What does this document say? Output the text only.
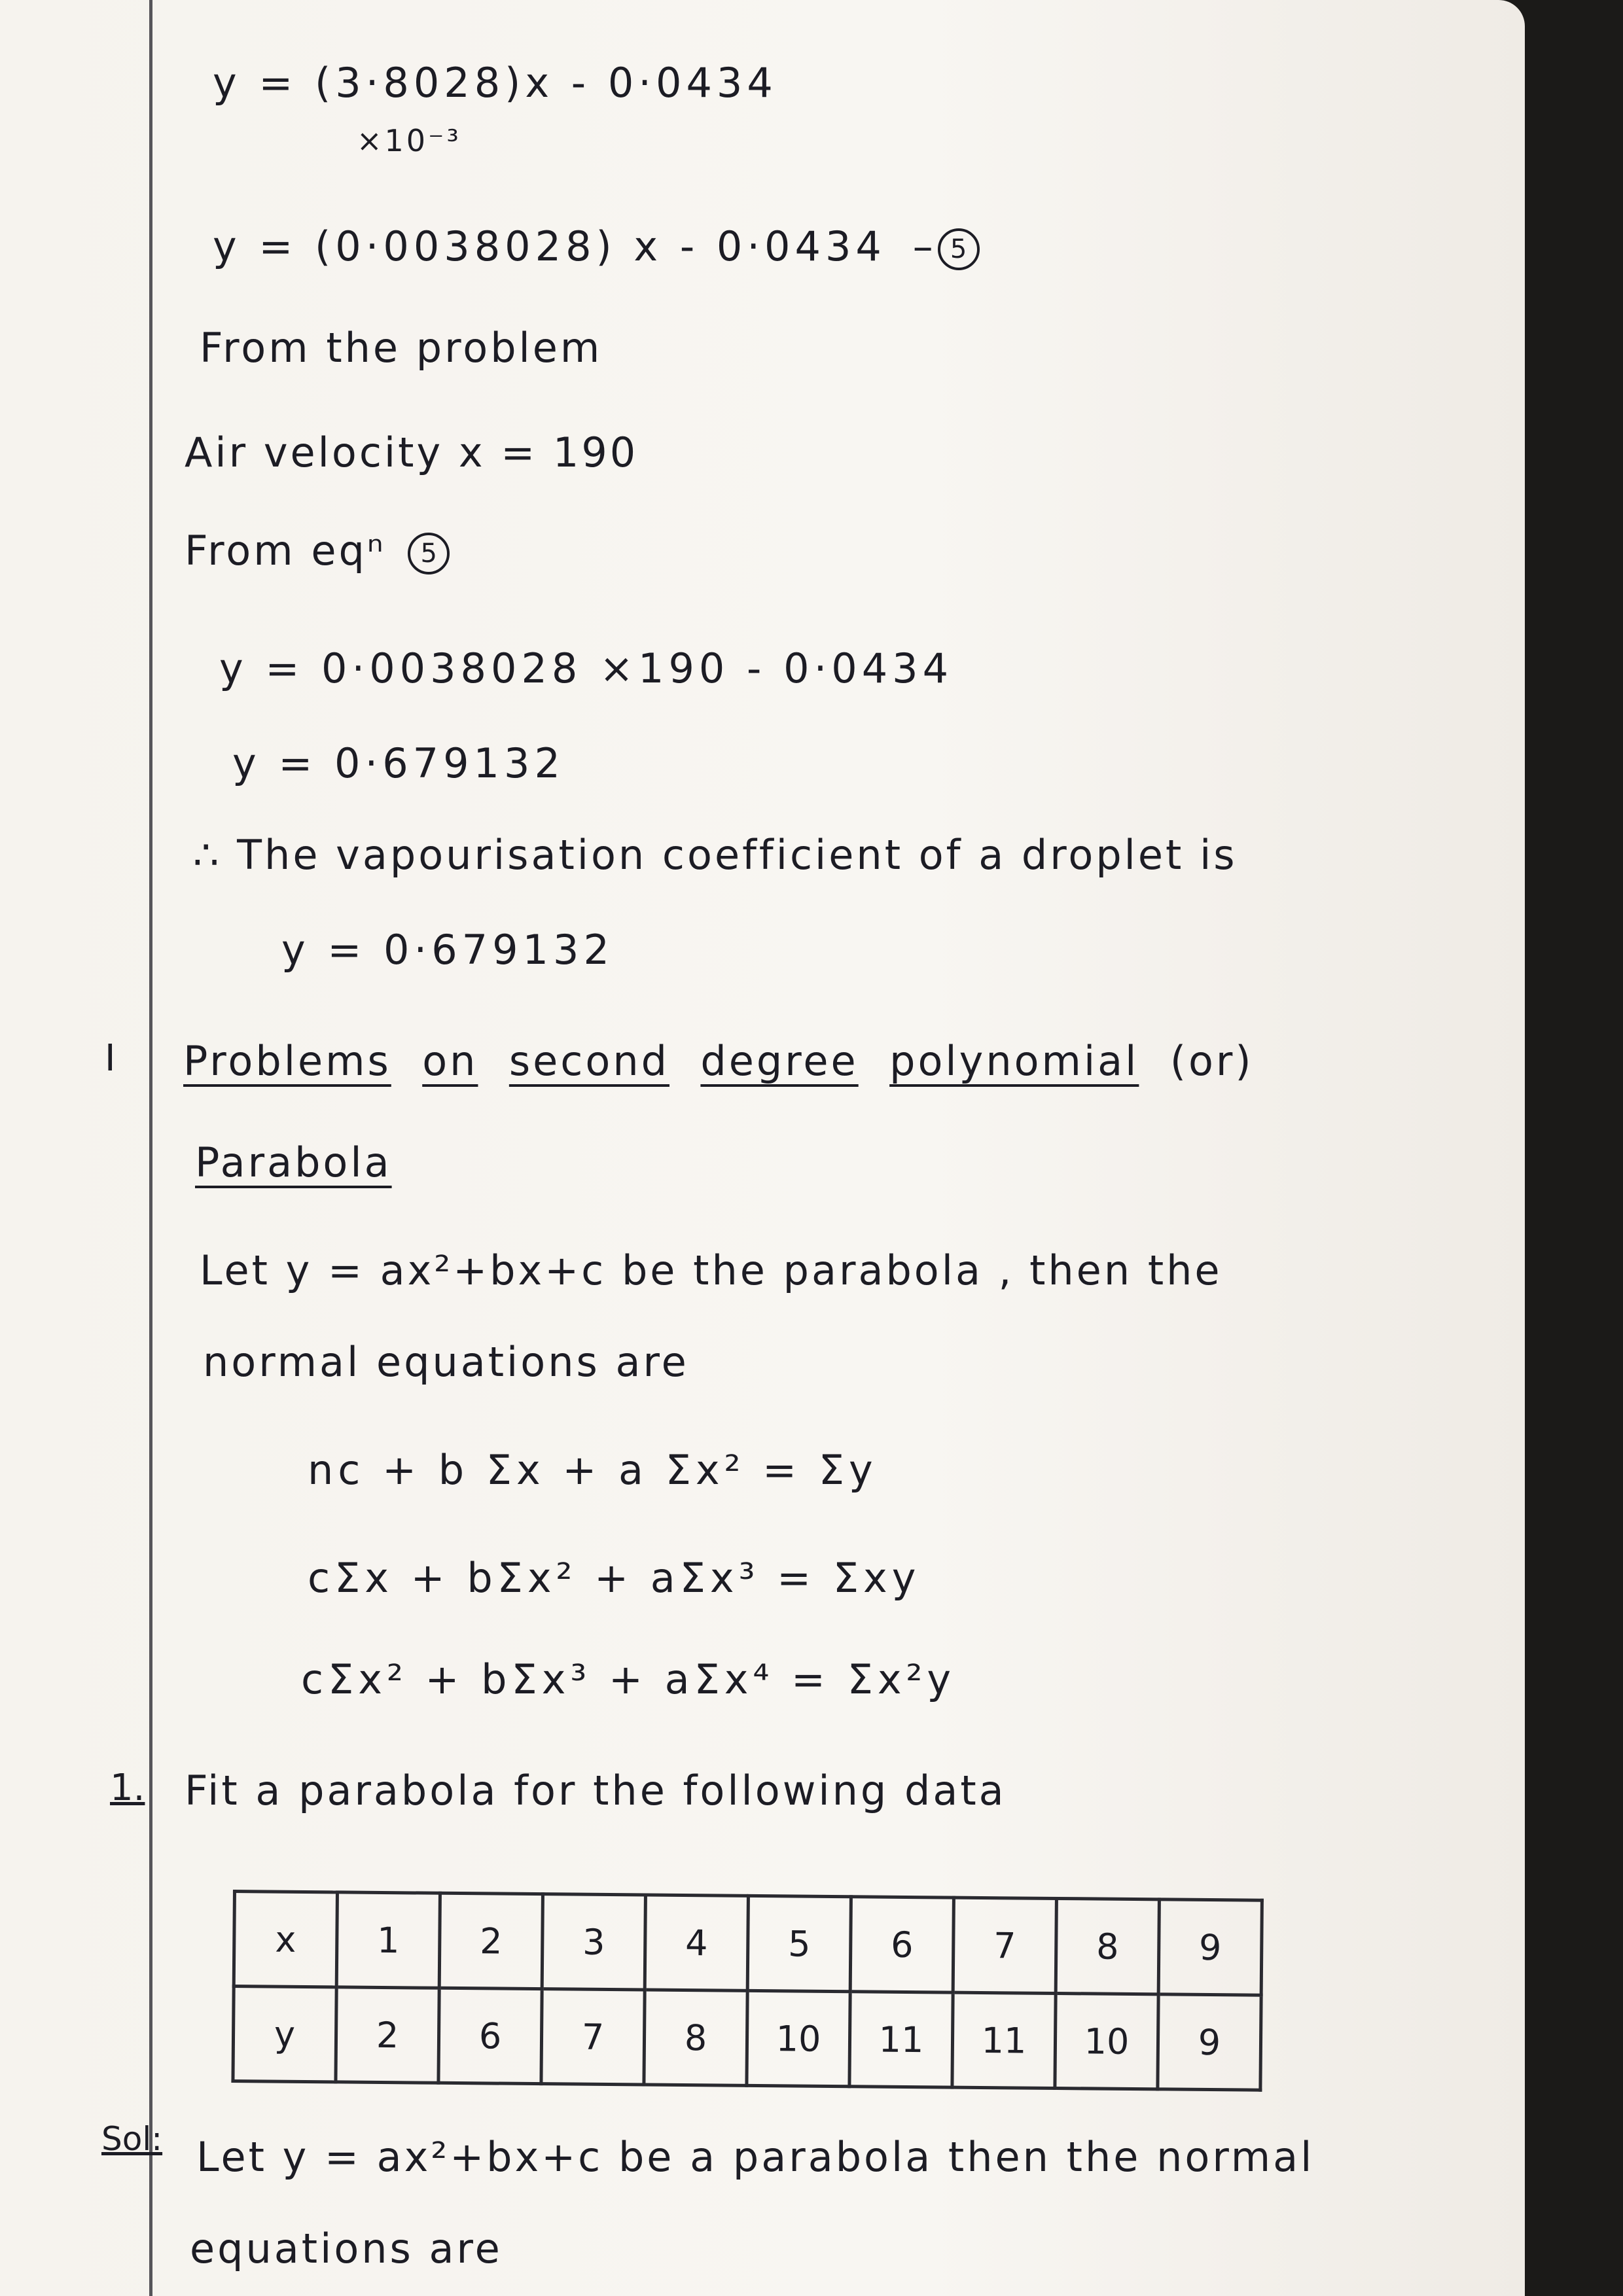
y = (3·8028)x - 0·0434
×10⁻³
y = (0·0038028) x - 0·0434 – 5
From the problem
Air velocity x = 190
From eqⁿ 5
y = 0·0038028 ×190 - 0·0434
y = 0·679132
∴ The vapourisation coefficient of a droplet is
y = 0·679132
I Problems on second degree polynomial (or)
Parabola
Let y = ax²+bx+c be the parabola , then the
normal equations are
nc + b Σx + a Σx² = Σy
cΣx + bΣx² + aΣx³ = Σxy
cΣx² + bΣx³ + aΣx⁴ = Σx²y
1. Fit a parabola for the following data
x	1	2	3	4	5	6	7	8	9
y	2	6	7	8	10	11	11	10	9
Sol: Let y = ax²+bx+c be a parabola then the normal
equations are
